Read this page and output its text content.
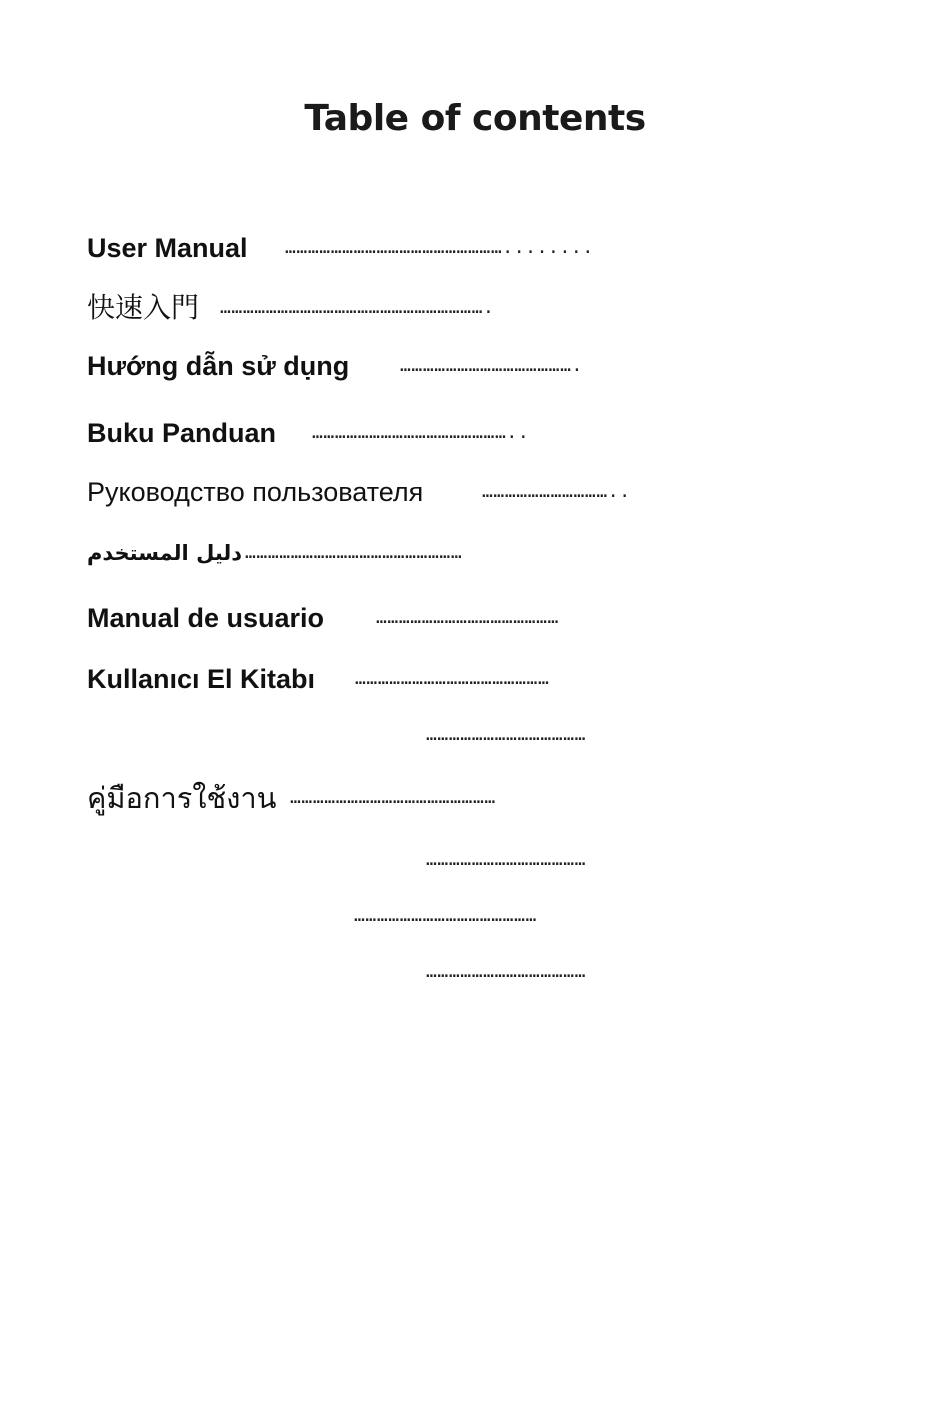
Table of contents
User Manual …………………………………………………........
快速入門 …………………………………………………………….
Hướng dẫn sử dụng	……………………………………….
Buku Panduan ……………………………………………..
Руководство пользователя	……………………………..
دليل المستخدم …………………………………………………
Manual de usuario	…………………………………………
Kullanıcı El Kitabı ……………………………………………
……………………………………
คู่มือการใช้งาน ………………………………………………
……………………………………
…………………………………………
……………………………………
